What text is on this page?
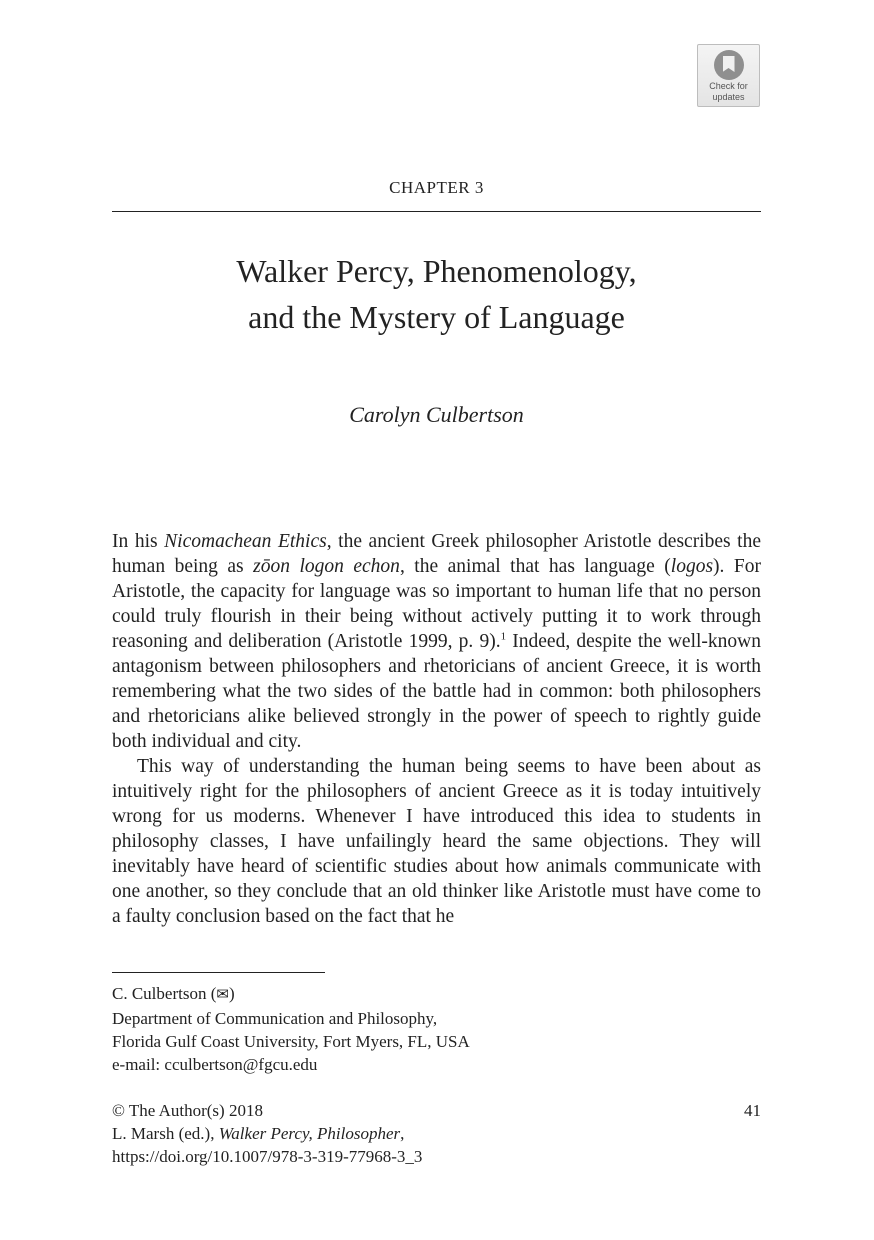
Check for
updates
CHAPTER 3
Walker Percy, Phenomenology,
and the Mystery of Language
Carolyn Culbertson

In his Nicomachean Ethics, the ancient Greek philosopher Aristotle describes the human being as zōon logon echon, the animal that has language (logos). For Aristotle, the capacity for language was so important to human life that no person could truly flourish in their being without actively putting it to work through reasoning and deliberation (Aristotle 1999, p. 9).$^1$ Indeed, despite the well-known antagonism between philosophers and rhetoricians of ancient Greece, it is worth remembering what the two sides of the battle had in common: both philosophers and rhetoricians alike believed strongly in the power of speech to rightly guide both individual and city.

This way of understanding the human being seems to have been about as intuitively right for the philosophers of ancient Greece as it is today intuitively wrong for us moderns. Whenever I have introduced this idea to students in philosophy classes, I have unfailingly heard the same objections. They will inevitably have heard of scientific studies about how animals communicate with one another, so they conclude that an old thinker like Aristotle must have come to a faulty conclusion based on the fact that he

C. Culbertson (✉)
Department of Communication and Philosophy,
Florida Gulf Coast University, Fort Myers, FL, USA
e-mail: cculbertson@fgcu.edu
© The Author(s) 2018
L. Marsh (ed.), Walker Percy, Philosopher,
https://doi.org/10.1007/978-3-319-77968-3_3
41
